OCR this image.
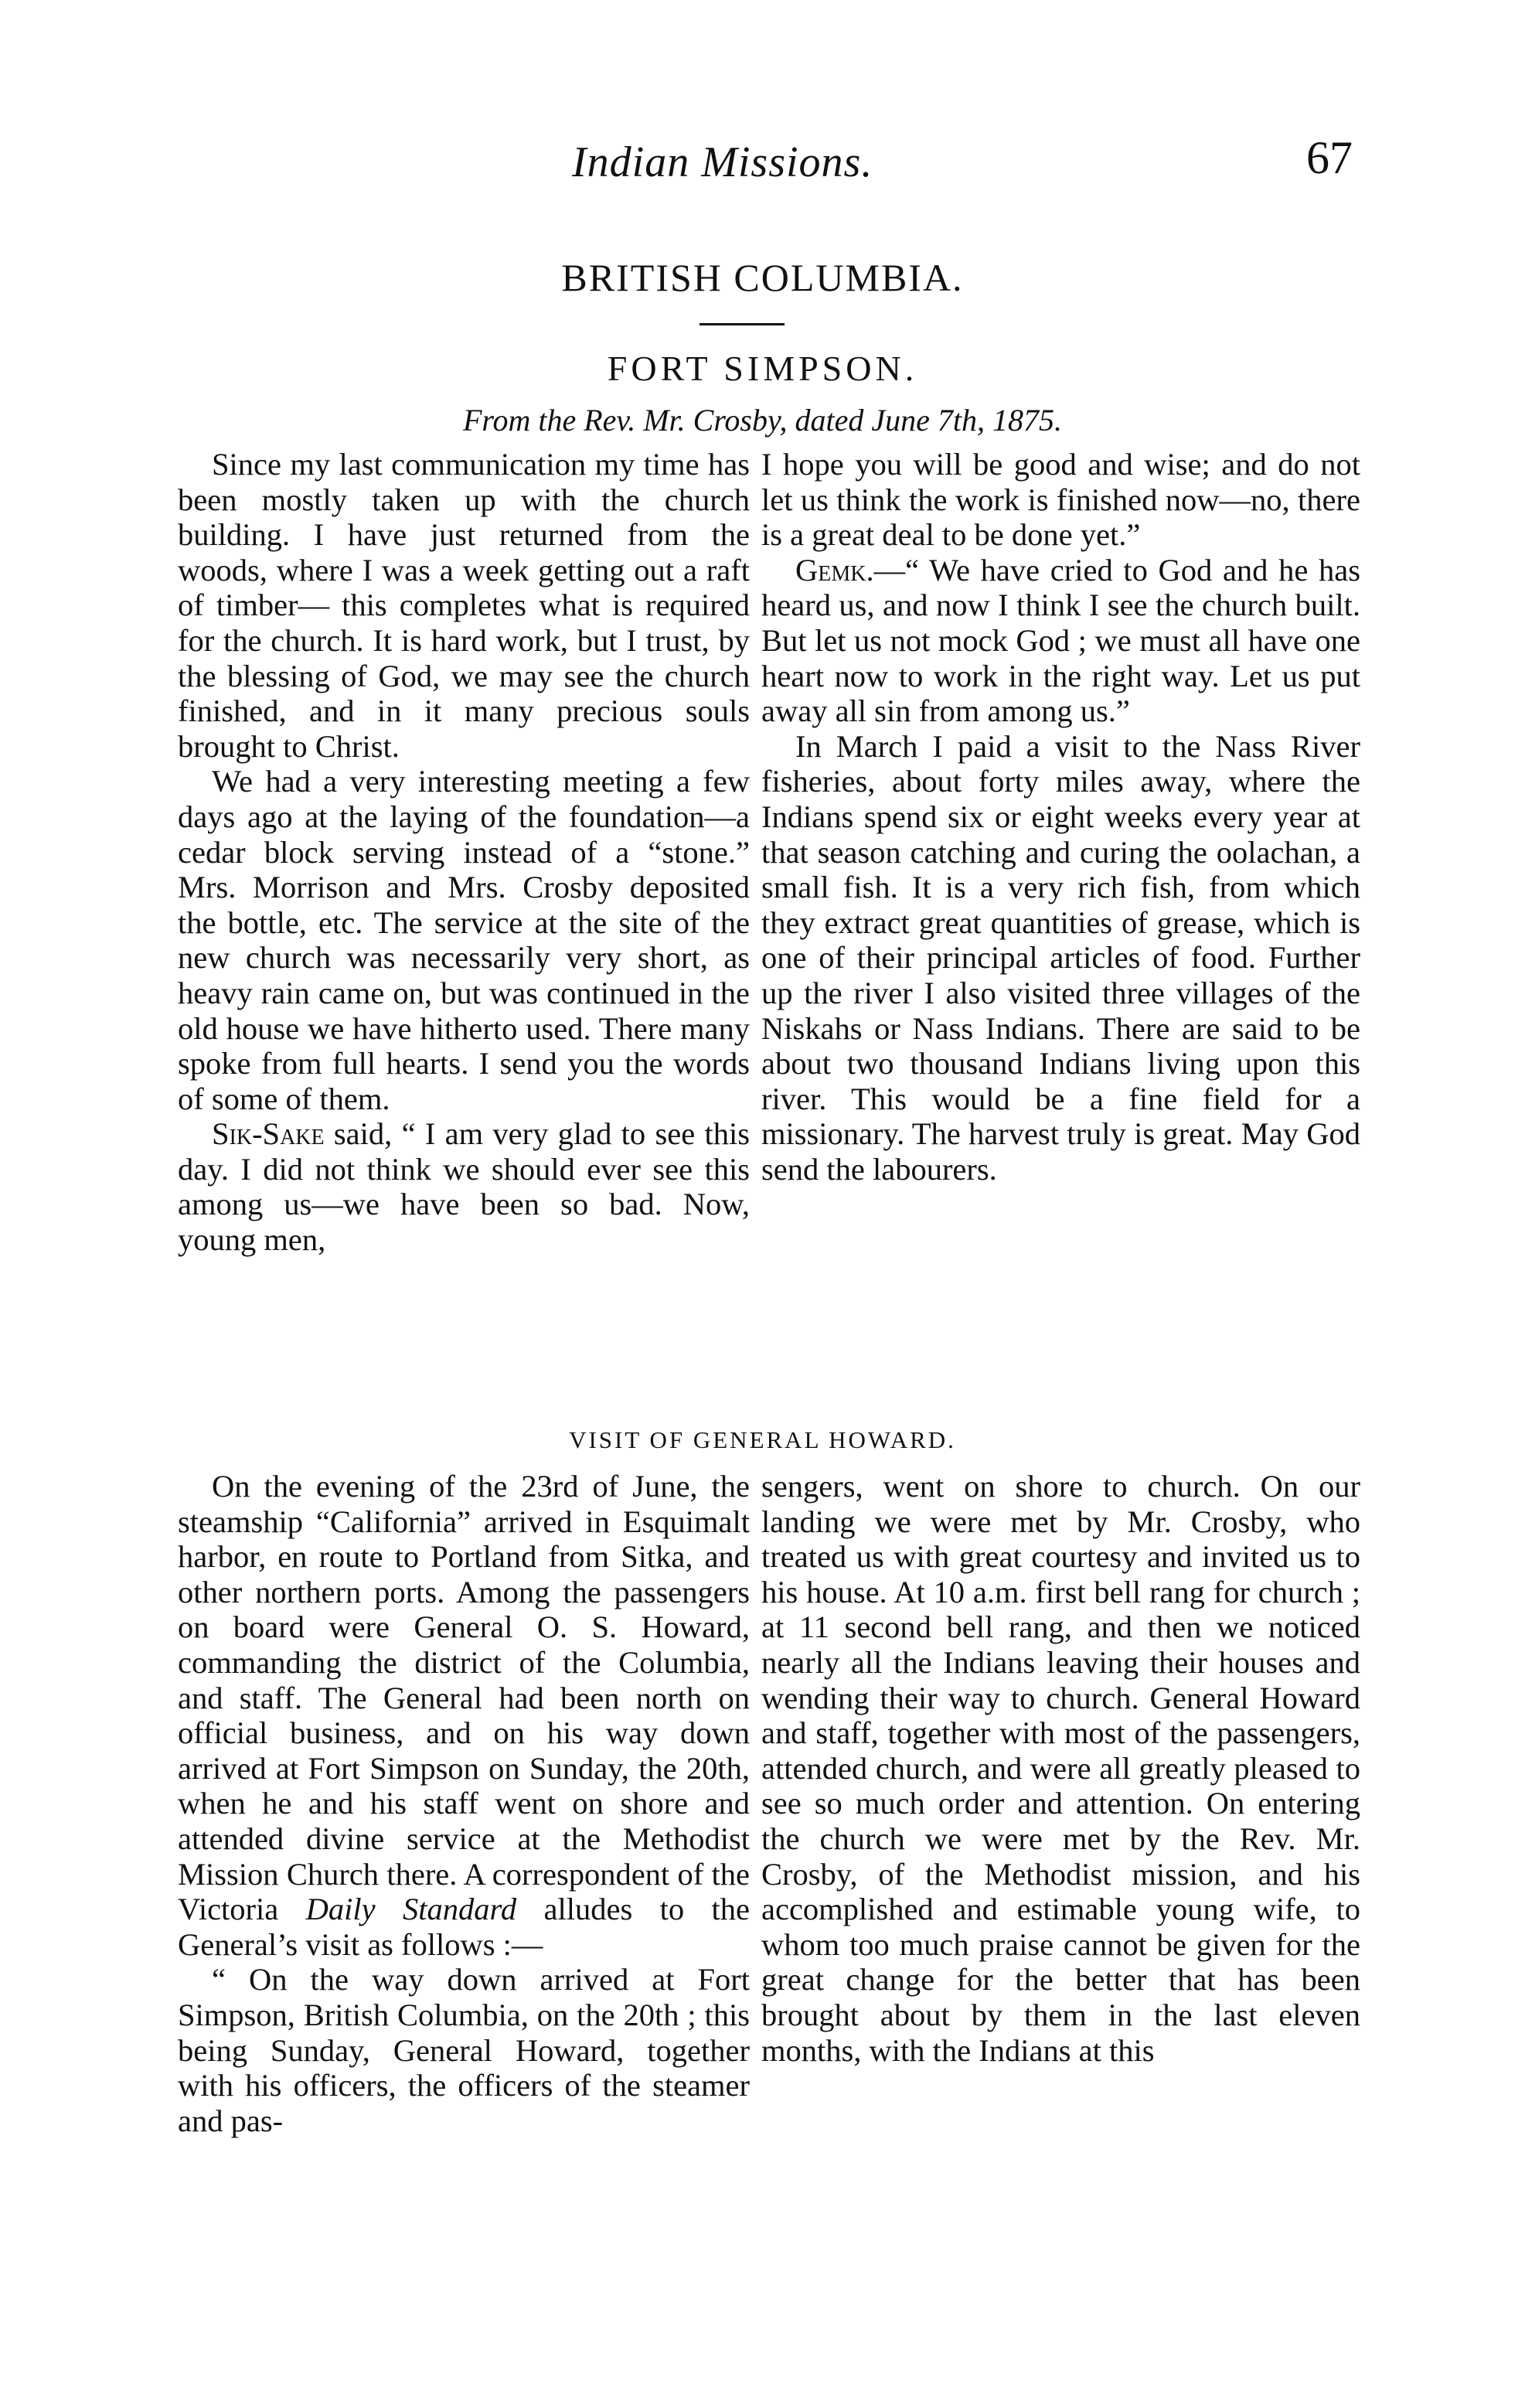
Indian Missions.	67
BRITISH COLUMBIA.
FORT SIMPSON.
From the Rev. Mr. Crosby, dated June 7th, 1875.

Since my last communication my time has been mostly taken up with the church building. I have just returned from the woods, where I was a week getting out a raft of timber— this completes what is required for the church. It is hard work, but I trust, by the blessing of God, we may see the church finished, and in it many precious souls brought to Christ.

We had a very interesting meeting a few days ago at the laying of the foundation—a cedar block serving instead of a “stone.” Mrs. Morrison and Mrs. Crosby deposited the bottle, etc. The service at the site of the new church was necessarily very short, as heavy rain came on, but was continued in the old house we have hitherto used. There many spoke from full hearts. I send you the words of some of them.

Sik-Sake said, “ I am very glad to see this day. I did not think we should ever see this among us—we have been so bad. Now, young men,

I hope you will be good and wise; and do not let us think the work is finished now—no, there is a great deal to be done yet.”

Gemk.—“ We have cried to God and he has heard us, and now I think I see the church built. But let us not mock God ; we must all have one heart now to work in the right way. Let us put away all sin from among us.”

In March I paid a visit to the Nass River fisheries, about forty miles away, where the Indians spend six or eight weeks every year at that season catching and curing the oolachan, a small fish. It is a very rich fish, from which they extract great quantities of grease, which is one of their principal articles of food. Further up the river I also visited three villages of the Niskahs or Nass Indians. There are said to be about two thousand Indians living upon this river. This would be a fine field for a missionary. The harvest truly is great. May God send the labourers.

VISIT OF GENERAL HOWARD.

On the evening of the 23rd of June, the steamship “California” arrived in Esquimalt harbor, en route to Portland from Sitka, and other northern ports. Among the passengers on board were General O. S. Howard, commanding the district of the Columbia, and staff. The General had been north on official business, and on his way down arrived at Fort Simpson on Sunday, the 20th, when he and his staff went on shore and attended divine service at the Methodist Mission Church there. A correspondent of the Victoria Daily Standard alludes to the General’s visit as follows :—

“ On the way down arrived at Fort Simpson, British Columbia, on the 20th ; this being Sunday, General Howard, together with his officers, the officers of the steamer and pas-

sengers, went on shore to church. On our landing we were met by Mr. Crosby, who treated us with great courtesy and invited us to his house. At 10 a.m. first bell rang for church ; at 11 second bell rang, and then we noticed nearly all the Indians leaving their houses and wending their way to church. General Howard and staff, together with most of the passengers, attended church, and were all greatly pleased to see so much order and attention. On entering the church we were met by the Rev. Mr. Crosby, of the Methodist mission, and his accomplished and estimable young wife, to whom too much praise cannot be given for the great change for the better that has been brought about by them in the last eleven months, with the Indians at this
